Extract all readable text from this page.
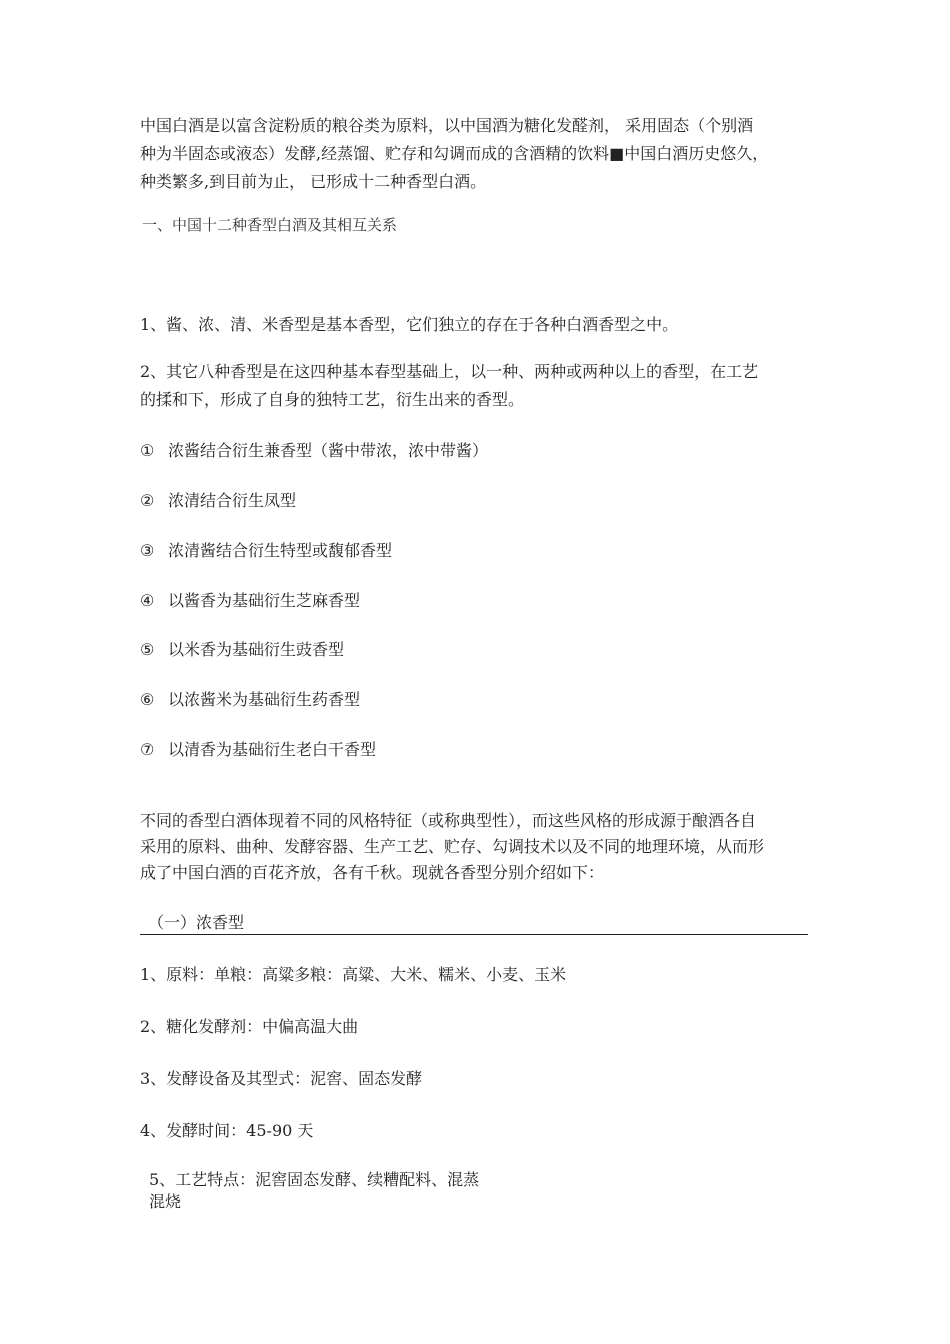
中国白酒是以富含淀粉质的粮谷类为原料，以中国酒为糖化发醛剂， 采用固态（个别酒
种为半固态或液态）发酵,经蒸馏、贮存和勾调而成的含酒精的饮料■中国白酒历史悠久，
种类繁多,到目前为止， 已形成十二种香型白酒。

一、中国十二种香型白酒及其相互关系

1、酱、浓、清、米香型是基本香型，它们独立的存在于各种白酒香型之中。

2、其它八种香型是在这四种基本春型基础上，以一种、两种或两种以上的香型，在工艺
的揉和下，形成了自身的独特工艺，衍生出来的香型。

① 浓酱结合衍生兼香型（酱中带浓，浓中带酱）
② 浓清结合衍生凤型
③ 浓清酱结合衍生特型或馥郁香型
④ 以酱香为基础衍生芝麻香型
⑤ 以米香为基础衍生豉香型
⑥ 以浓酱米为基础衍生药香型
⑦ 以清香为基础衍生老白干香型

不同的香型白酒体现着不同的风格特征（或称典型性），而这些风格的形成源于酿酒各自
采用的原料、曲种、发酵容器、生产工艺、贮存、勾调技术以及不同的地理环境，从而形
成了中国白酒的百花齐放，各有千秋。现就各香型分别介绍如下：

（一）浓香型
1、原料：单粮：高粱多粮：高粱、大米、糯米、小麦、玉米
2、糖化发酵剂：中偏高温大曲
3、发酵设备及其型式：泥窖、固态发酵
4、发酵时间：45-90 天
5、工艺特点：泥窖固态发酵、续糟配料、混蒸
混烧
